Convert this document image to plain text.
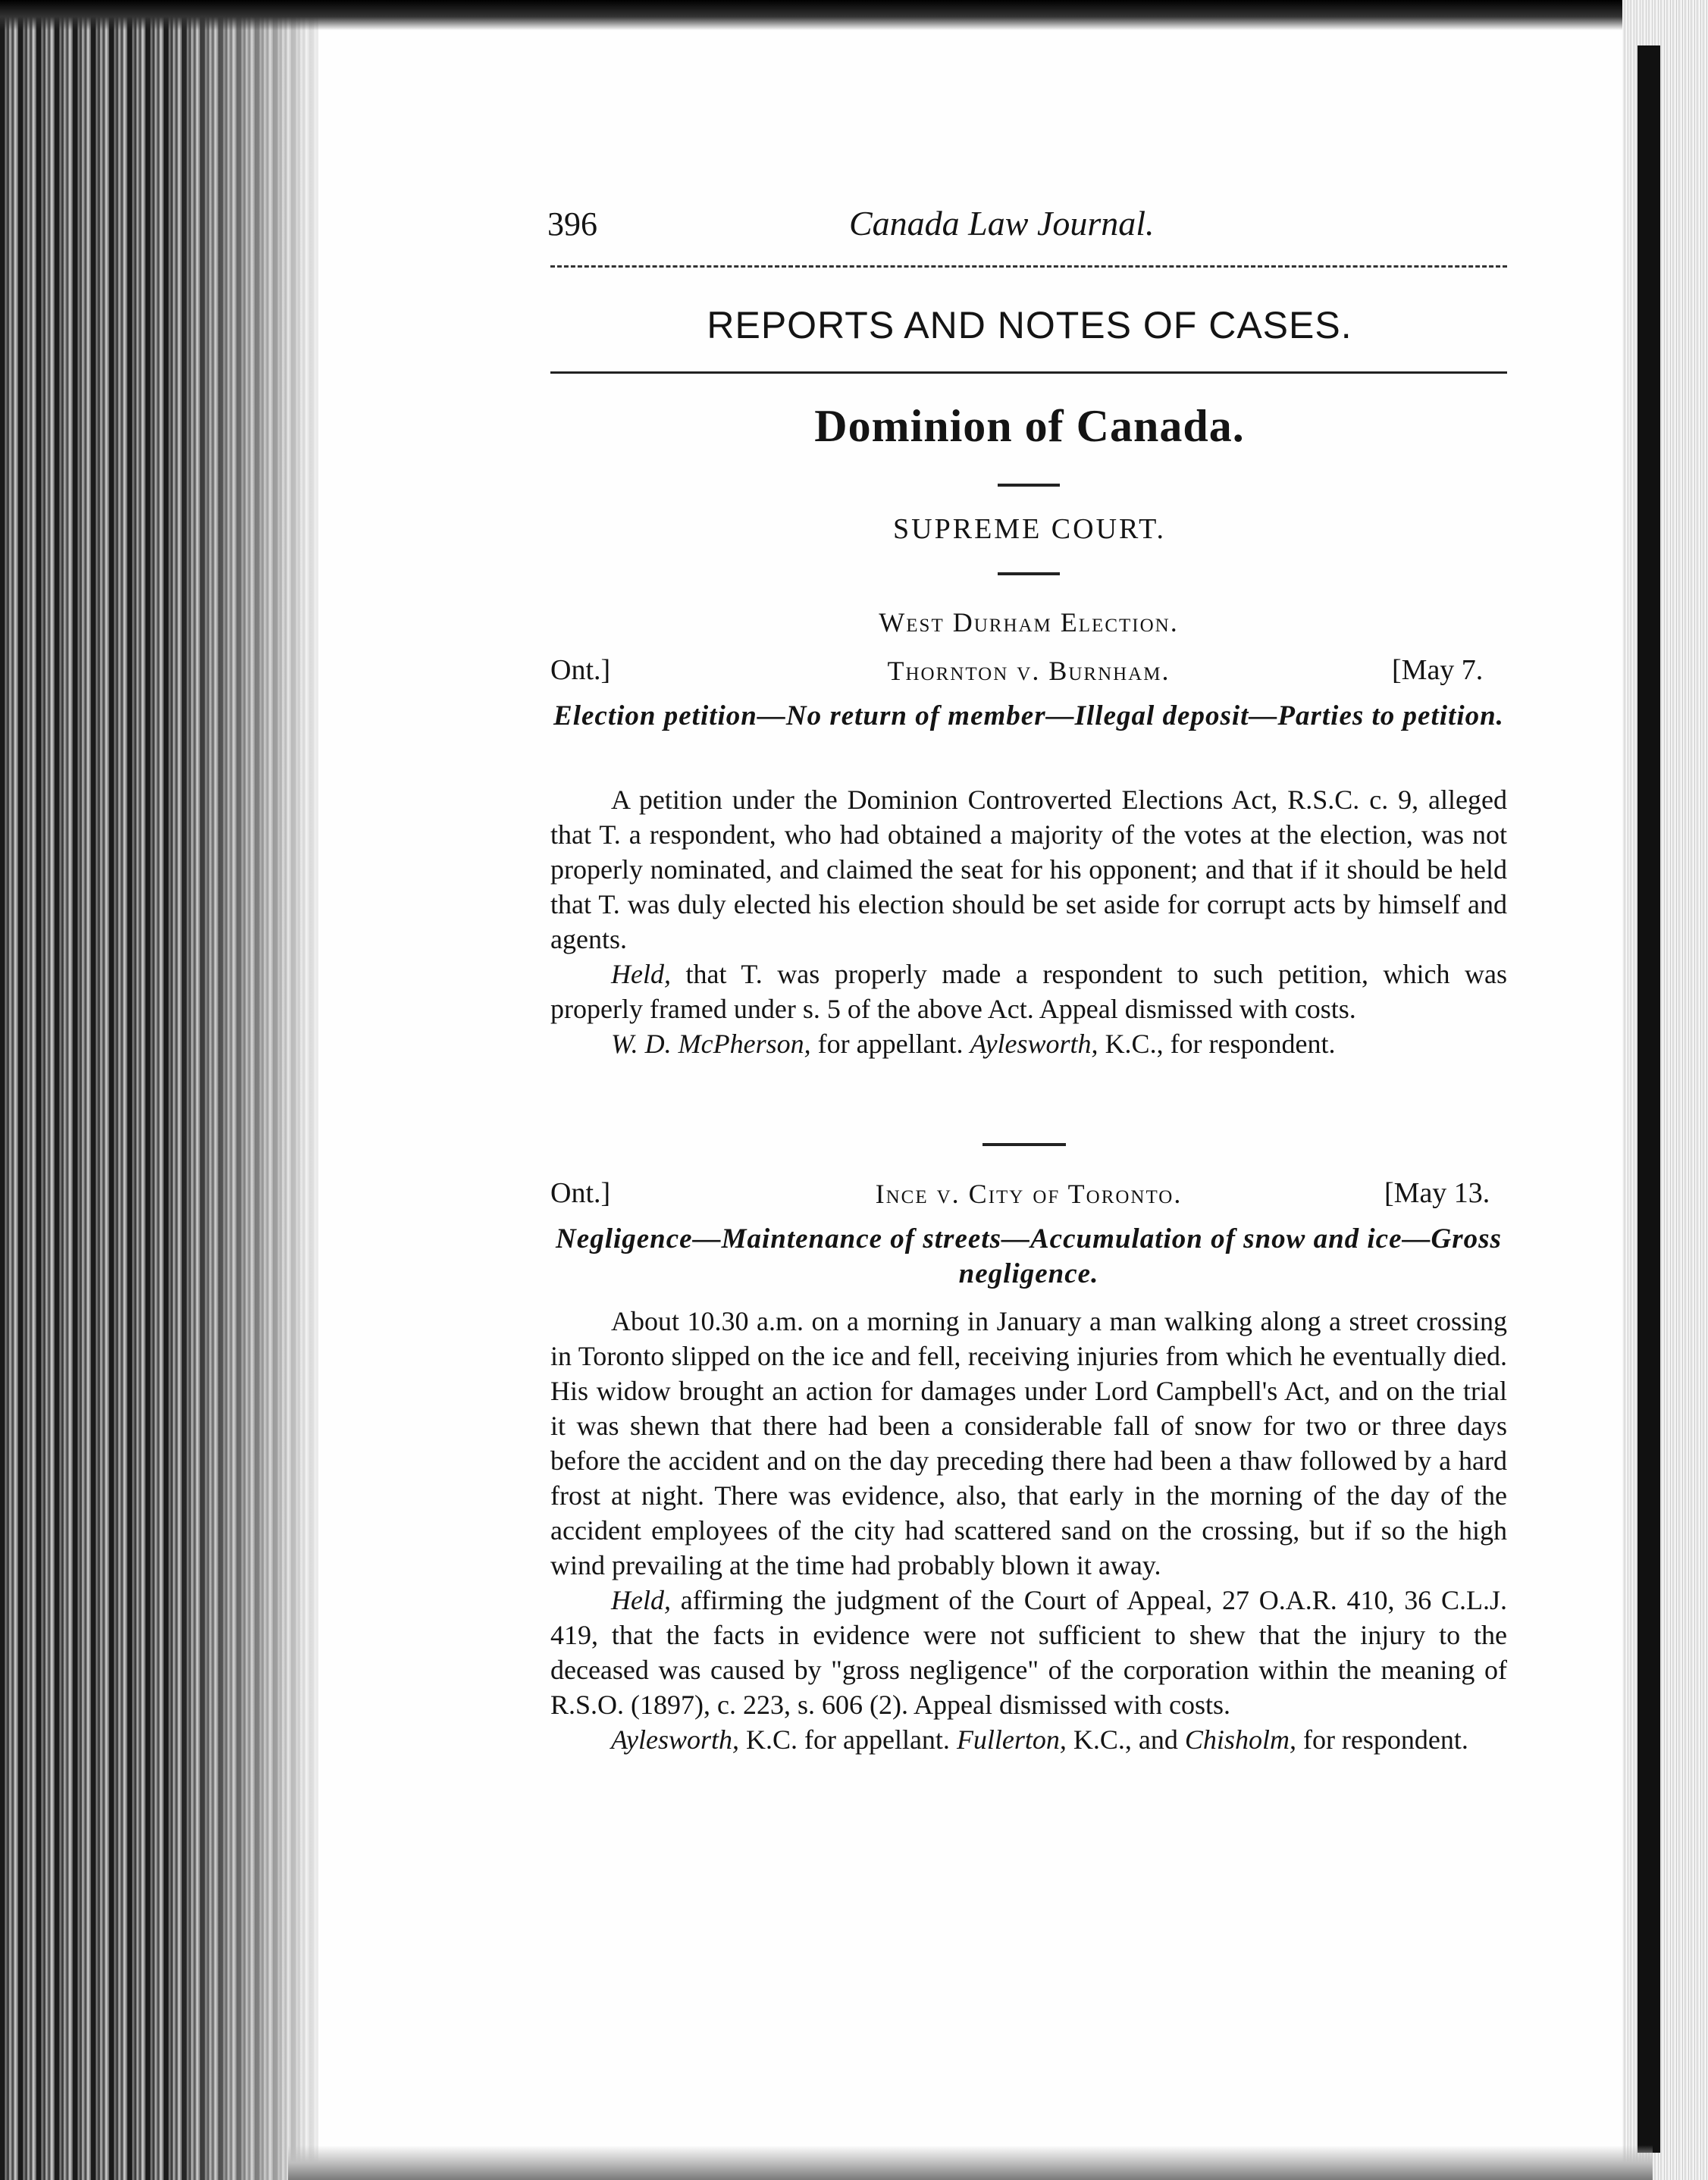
396	Canada Law Journal.
REPORTS AND NOTES OF CASES.
Dominion of Canada.
SUPREME COURT.
West Durham Election.
Ont.]	Thornton v. Burnham.	[May 7.
Election petition—No return of member—Illegal deposit—Parties to petition.

A petition under the Dominion Controverted Elections Act, R.S.C. c. 9, alleged that T. a respondent, who had obtained a majority of the votes at the election, was not properly nominated, and claimed the seat for his opponent; and that if it should be held that T. was duly elected his election should be set aside for corrupt acts by himself and agents.

Held, that T. was properly made a respondent to such petition, which was properly framed under s. 5 of the above Act. Appeal dismissed with costs.

W. D. McPherson, for appellant. Aylesworth, K.C., for respondent.

Ont.]	Ince v. City of Toronto.	[May 13.
Negligence—Maintenance of streets—Accumulation of snow and ice—Gross negligence.

About 10.30 a.m. on a morning in January a man walking along a street crossing in Toronto slipped on the ice and fell, receiving injuries from which he eventually died. His widow brought an action for damages under Lord Campbell's Act, and on the trial it was shewn that there had been a considerable fall of snow for two or three days before the accident and on the day preceding there had been a thaw followed by a hard frost at night. There was evidence, also, that early in the morning of the day of the accident employees of the city had scattered sand on the crossing, but if so the high wind prevailing at the time had probably blown it away.

Held, affirming the judgment of the Court of Appeal, 27 O.A.R. 410, 36 C.L.J. 419, that the facts in evidence were not sufficient to shew that the injury to the deceased was caused by "gross negligence" of the corporation within the meaning of R.S.O. (1897), c. 223, s. 606 (2). Appeal dismissed with costs.

Aylesworth, K.C. for appellant. Fullerton, K.C., and Chisholm, for respondent.
